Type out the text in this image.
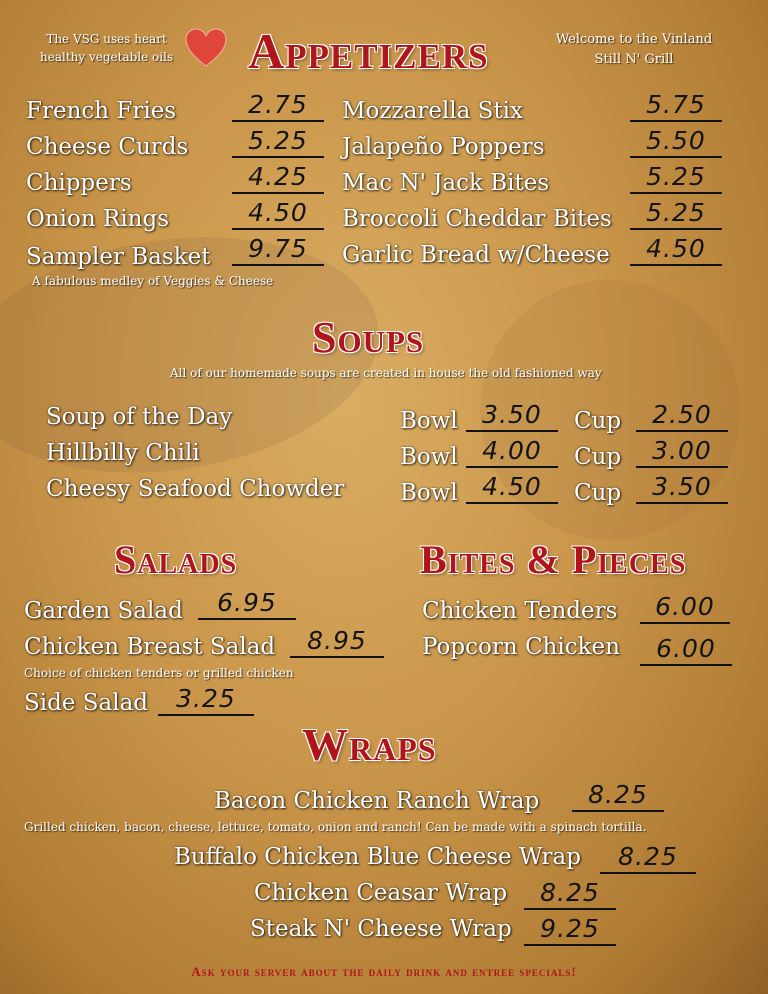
The VSG uses heart
healthy vegetable oils
Welcome to the Vinland
Still N' Grill
Appetizers
French Fries	2.75
Cheese Curds	5.25
Chippers	4.25
Onion Rings	4.50
Sampler Basket	9.75
A fabulous medley of Veggies & Cheese
Mozzarella Stix	5.75
Jalapeño Poppers	5.50
Mac N' Jack Bites	5.25
Broccoli Cheddar Bites	5.25
Garlic Bread w/Cheese	4.50
Soups
All of our homemade soups are created in house the old fashioned way
Soup of the Day	Bowl 3.50	Cup	2.50
Hillbilly Chili	Bowl 4.00	Cup	3.00
Cheesy Seafood Chowder Bowl 4.50	Cup	3.50
Salads
Garden Salad	6.95
Chicken Breast Salad	8.95
Choice of chicken tenders or grilled chicken
Side Salad	3.25
Bites & Pieces
Chicken Tenders	6.00
Popcorn Chicken	6.00
Wraps
Bacon Chicken Ranch Wrap	8.25
Grilled chicken, bacon, cheese, lettuce, tomato, onion and ranch! Can be made with a spinach tortilla.
Buffalo Chicken Blue Cheese Wrap	8.25
Chicken Ceasar Wrap	8.25
Steak N' Cheese Wrap	9.25
Ask your server about the daily drink and entree specials!
